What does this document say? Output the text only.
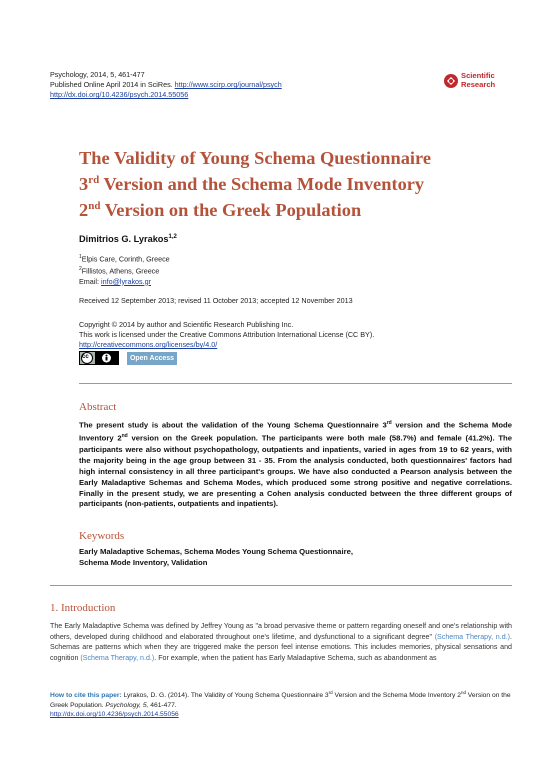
Psychology, 2014, 5, 461-477
Published Online April 2014 in SciRes. http://www.scirp.org/journal/psych
http://dx.doi.org/10.4236/psych.2014.55056
Scientific
Research
The Validity of Young Schema Questionnaire
3rd Version and the Schema Mode Inventory
2nd Version on the Greek Population
Dimitrios G. Lyrakos$^{1,2}$
$^1$Elpis Care, Corinth, Greece
$^2$Fillistos, Athens, Greece
Email: info@lyrakos.gr
Received 12 September 2013; revised 11 October 2013; accepted 12 November 2013
Copyright © 2014 by author and Scientific Research Publishing Inc.
This work is licensed under the Creative Commons Attribution International License (CC BY).
http://creativecommons.org/licenses/by/4.0/
cc	Open Access
Abstract
The present study is about the validation of the Young Schema Questionnaire 3rd version and the Schema Mode Inventory 2nd version on the Greek population. The participants were both male (58.7%) and female (41.2%). The participants were also without psychopathology, outpatients and inpatients, varied in ages from 19 to 62 years, with the majority being in the age group between 31 - 35. From the analysis conducted, both questionnaires' factors had high internal consistency in all three participant's groups. We have also conducted a Pearson analysis between the Early Maladaptive Schemas and Schema Modes, which produced some strong positive and negative correlations. Finally in the present study, we are presenting a Cohen analysis conducted between the three different groups of participants (non-patients, outpatients and inpatients).
Keywords
Early Maladaptive Schemas, Schema Modes Young Schema Questionnaire,
Schema Mode Inventory, Validation
1. Introduction
The Early Maladaptive Schema was defined by Jeffrey Young as "a broad pervasive theme or pattern regarding oneself and one's relationship with others, developed during childhood and elaborated throughout one's lifetime, and dysfunctional to a significant degree" (Schema Therapy, n.d.). Schemas are patterns which when they are triggered make the person feel intense emotions. This includes memories, physical sensations and cognition (Schema Therapy, n.d.). For example, when the patient has Early Maladaptive Schema, such as abandonment as
How to cite this paper: Lyrakos, D. G. (2014). The Validity of Young Schema Questionnaire 3rd Version and the Schema Mode Inventory 2nd Version on the Greek Population. Psychology, 5, 461-477.
http://dx.doi.org/10.4236/psych.2014.55056
